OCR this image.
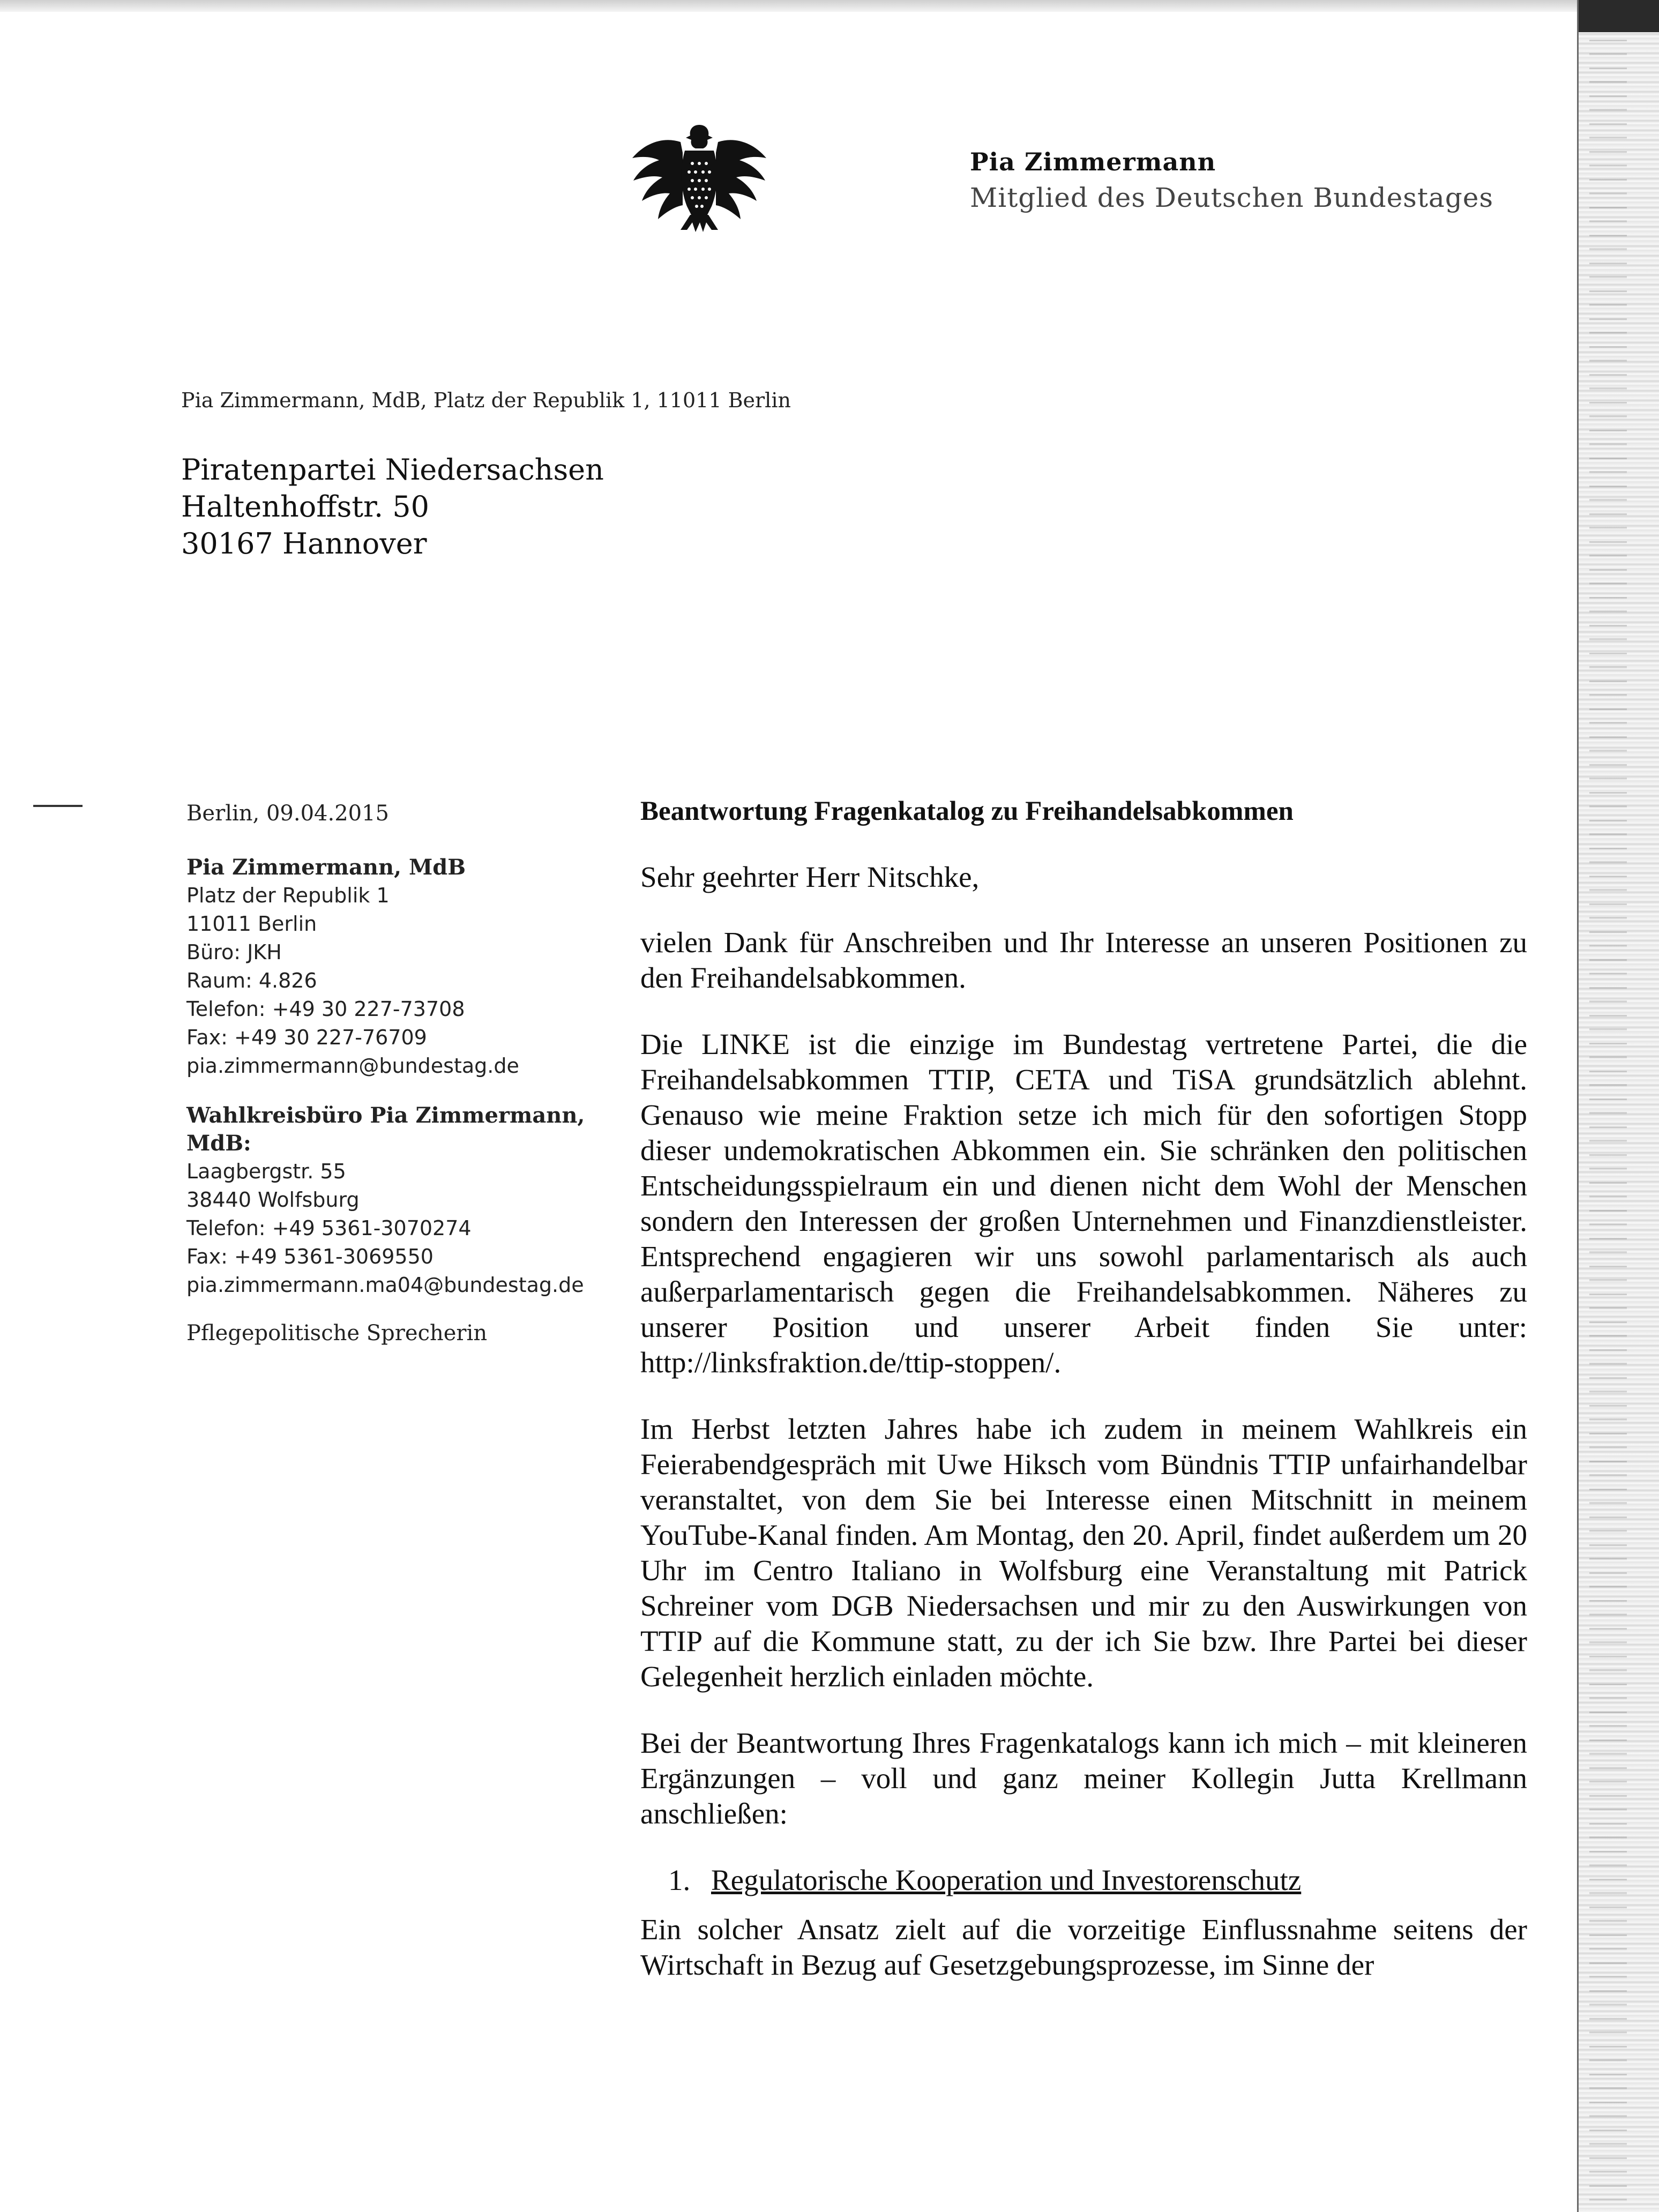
Pia Zimmermann
Mitglied des Deutschen Bundestages
Pia Zimmermann, MdB, Platz der Republik 1, 11011 Berlin
Piratenpartei Niedersachsen
Haltenhoffstr. 50
30167 Hannover
Berlin, 09.04.2015
Pia Zimmermann, MdB
Platz der Republik 1
11011 Berlin
Büro: JKH
Raum: 4.826
Telefon: +49 30 227-73708
Fax: +49 30 227-76709
pia.zimmermann@bundestag.de
Wahlkreisbüro Pia Zimmermann,
MdB:
Laagbergstr. 55
38440 Wolfsburg
Telefon: +49 5361-3070274
Fax: +49 5361-3069550
pia.zimmermann.ma04@bundestag.de
Pflegepolitische Sprecherin
Beantwortung Fragenkatalog zu Freihandelsabkommen
Sehr geehrter Herr Nitschke,

vielen Dank für Anschreiben und Ihr Interesse an unseren Positionen zu den Freihandelsabkommen.

Die LINKE ist die einzige im Bundestag vertretene Partei, die die Freihandelsabkommen TTIP, CETA und TiSA grundsätzlich ablehnt. Genauso wie meine Fraktion setze ich mich für den sofortigen Stopp dieser undemokratischen Abkommen ein. Sie schränken den politischen Entscheidungsspielraum ein und dienen nicht dem Wohl der Menschen sondern den Interessen der großen Unternehmen und Finanzdienstleister. Entsprechend engagieren wir uns sowohl parlamentarisch als auch außerparlamentarisch gegen die Freihandelsabkommen. Näheres zu unserer Position und unserer Arbeit finden Sie unter: http://linksfraktion.de/ttip-stoppen/.

Im Herbst letzten Jahres habe ich zudem in meinem Wahlkreis ein Feierabendgespräch mit Uwe Hiksch vom Bündnis TTIP unfairhandelbar veranstaltet, von dem Sie bei Interesse einen Mitschnitt in meinem YouTube-Kanal finden. Am Montag, den 20. April, findet außerdem um 20 Uhr im Centro Italiano in Wolfsburg eine Veranstaltung mit Patrick Schreiner vom DGB Niedersachsen und mir zu den Auswirkungen von TTIP auf die Kommune statt, zu der ich Sie bzw. Ihre Partei bei dieser Gelegenheit herzlich einladen möchte.

Bei der Beantwortung Ihres Fragenkatalogs kann ich mich – mit kleineren Ergänzungen – voll und ganz meiner Kollegin Jutta Krellmann anschließen:

1. Regulatorische Kooperation und Investorenschutz

Ein solcher Ansatz zielt auf die vorzeitige Einflussnahme seitens der Wirtschaft in Bezug auf Gesetzgebungsprozesse, im Sinne der
